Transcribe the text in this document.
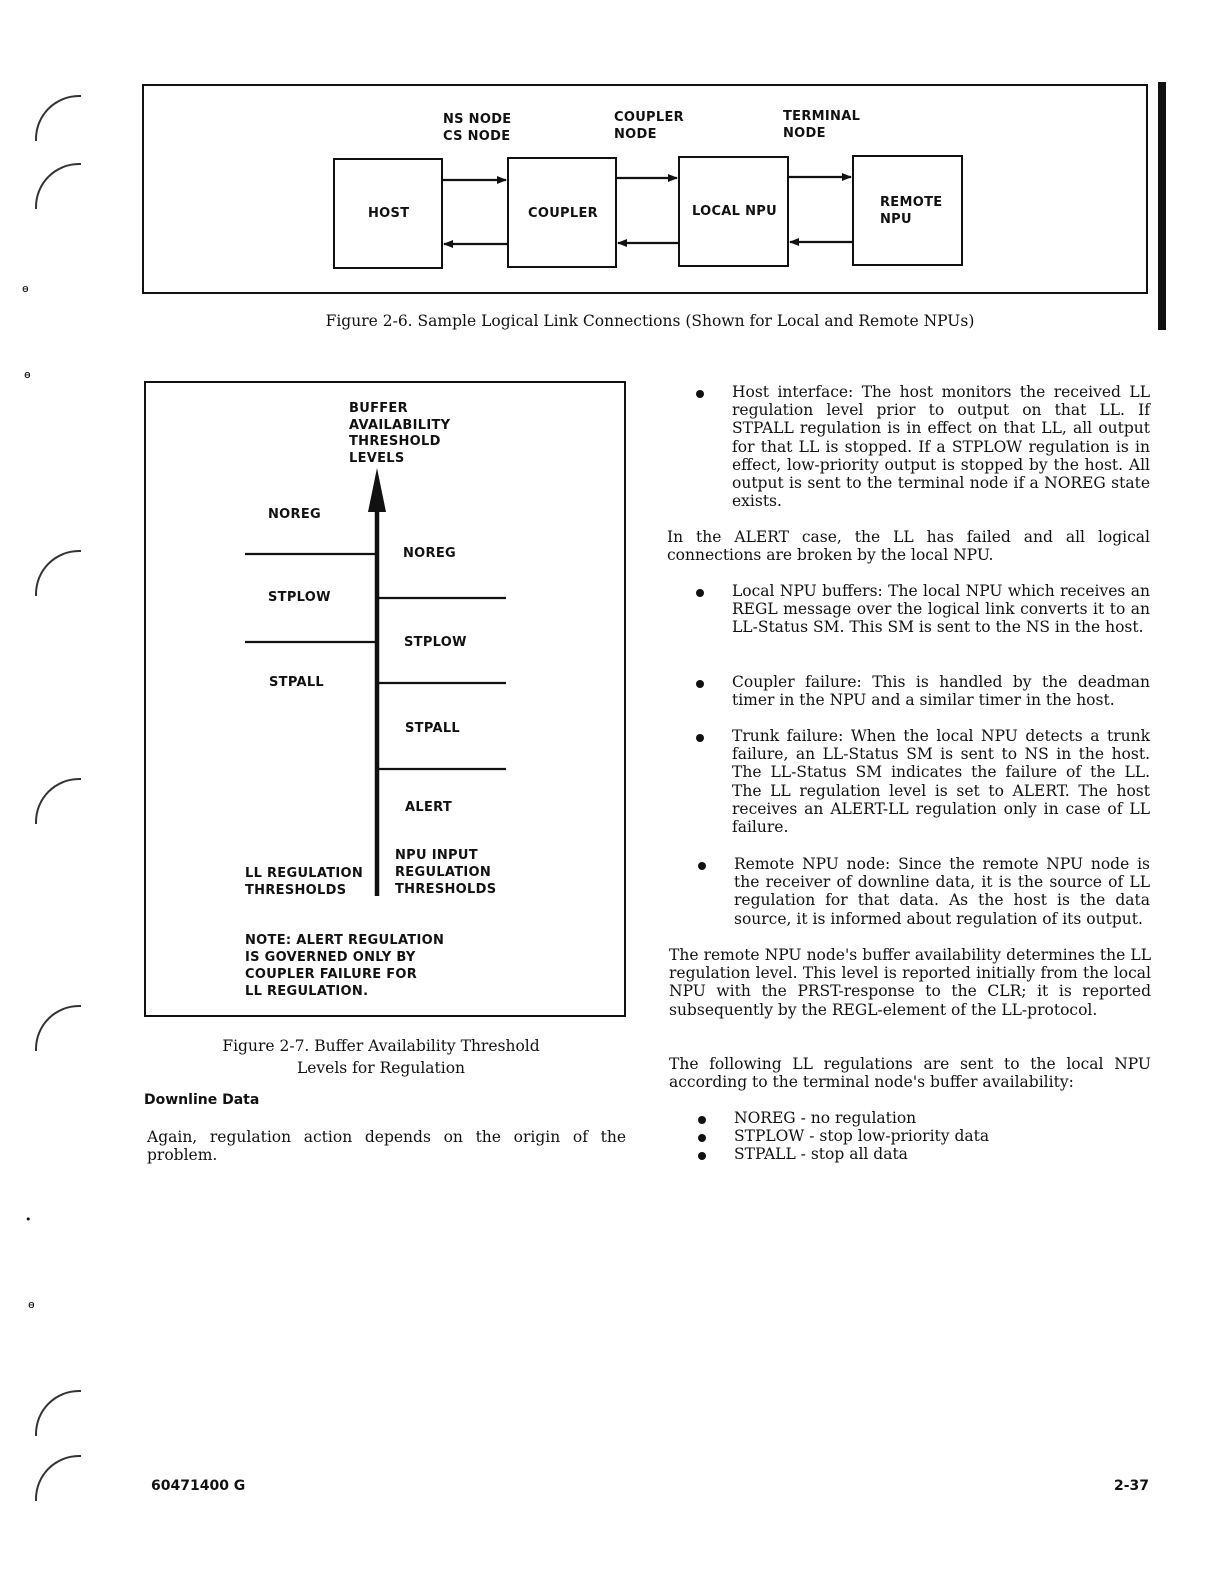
ɵ
ɵ
•
ɵ
NS NODE
CS NODE
COUPLER
NODE
TERMINAL
NODE
HOST	COUPLER	LOCAL NPU
REMOTE
NPU
Figure 2-6. Sample Logical Link Connections (Shown for Local and Remote NPUs)
BUFFER
AVAILABILITY
THRESHOLD
LEVELS
NOREG
STPLOW
STPALL
NOREG
STPLOW
STPALL
ALERT
LL REGULATION
THRESHOLDS
NPU INPUT
REGULATION
THRESHOLDS
NOTE: ALERT REGULATION
IS GOVERNED ONLY BY
COUPLER FAILURE FOR
LL REGULATION.
Figure 2-7. Buffer Availability Threshold
Levels for Regulation
Downline Data
Again, regulation action depends on the origin of the problem.
Host interface: The host monitors the received LL regulation level prior to output on that LL. If STPALL regulation is in effect on that LL, all output for that LL is stopped. If a STPLOW regulation is in effect, low-priority output is stopped by the host. All output is sent to the terminal node if a NOREG state exists.
In the ALERT case, the LL has failed and all logical connections are broken by the local NPU.
Local NPU buffers: The local NPU which receives an REGL message over the logical link converts it to an LL-Status SM. This SM is sent to the NS in the host.
Coupler failure: This is handled by the deadman timer in the NPU and a similar timer in the host.
Trunk failure: When the local NPU detects a trunk failure, an LL-Status SM is sent to NS in the host. The LL-Status SM indicates the failure of the LL. The LL regulation level is set to ALERT. The host receives an ALERT-LL regulation only in case of LL failure.
Remote NPU node: Since the remote NPU node is the receiver of downline data, it is the source of LL regulation for that data. As the host is the data source, it is informed about regulation of its output.
The remote NPU node's buffer availability determines the LL regulation level. This level is reported initially from the local NPU with the PRST-response to the CLR; it is reported subsequently by the REGL-element of the LL-protocol.
The following LL regulations are sent to the local NPU according to the terminal node's buffer availability:
NOREG - no regulation
STPLOW - stop low-priority data
STPALL - stop all data
60471400 G	2-37
